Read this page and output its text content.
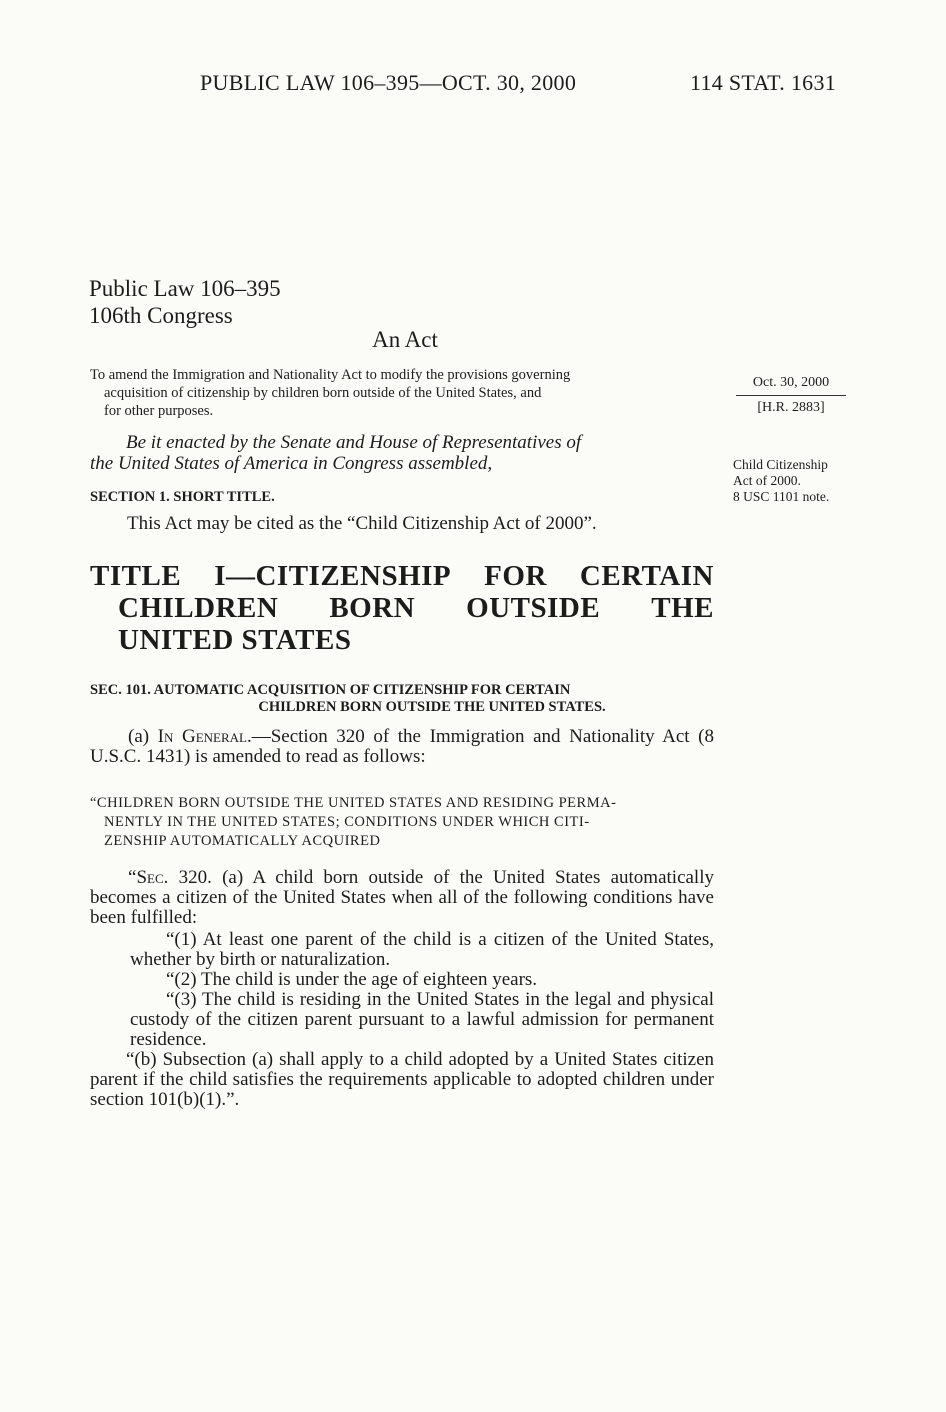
PUBLIC LAW 106–395—OCT. 30, 2000	114 STAT. 1631
Public Law 106–395
106th Congress
An Act
To amend the Immigration and Nationality Act to modify the provisions governing
acquisition of citizenship by children born outside of the United States, and
for other purposes.
Oct. 30, 2000
[H.R. 2883]
Child Citizenship
Act of 2000.
8 USC 1101 note.
Be it enacted by the Senate and House of Representatives of
the United States of America in Congress assembled,
SECTION 1. SHORT TITLE.
This Act may be cited as the “Child Citizenship Act of 2000”.
TITLE I—CITIZENSHIP FOR CERTAIN
CHILDREN BORN OUTSIDE THE
UNITED STATES
SEC. 101. AUTOMATIC ACQUISITION OF CITIZENSHIP FOR CERTAIN
CHILDREN BORN OUTSIDE THE UNITED STATES.
(a) In General.—Section 320 of the Immigration and Nationality Act (8 U.S.C. 1431) is amended to read as follows:
“CHILDREN BORN OUTSIDE THE UNITED STATES AND RESIDING PERMA-
NENTLY IN THE UNITED STATES; CONDITIONS UNDER WHICH CITI-
ZENSHIP AUTOMATICALLY ACQUIRED
“Sec. 320. (a) A child born outside of the United States automatically becomes a citizen of the United States when all of the following conditions have been fulfilled:
“(1) At least one parent of the child is a citizen of the United States, whether by birth or naturalization.
“(2) The child is under the age of eighteen years.
“(3) The child is residing in the United States in the legal and physical custody of the citizen parent pursuant to a lawful admission for permanent residence.
“(b) Subsection (a) shall apply to a child adopted by a United States citizen parent if the child satisfies the requirements applicable to adopted children under section 101(b)(1).”.
